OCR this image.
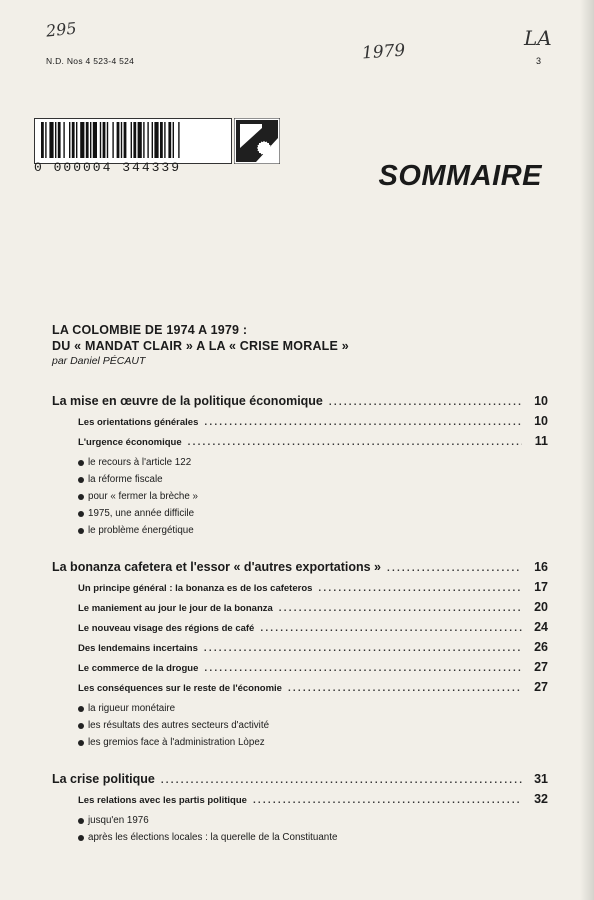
295
1979
LA
N.D. Nos 4 523-4 524	3
0 000004 344339	SOMMAIRE
LA COLOMBIE DE 1974 A 1979 :
DU « MANDAT CLAIR » A LA « CRISE MORALE »
par Daniel PÉCAUT
La mise en œuvre de la politique économique .....	10
Les orientations générales .....	10
L'urgence économique .....	11
le recours à l'article 122
la réforme fiscale
pour « fermer la brèche »
1975, une année difficile
le problème énergétique
La bonanza cafetera et l'essor « d'autres exportations » .....	16
Un principe général : la bonanza es de los cafeteros .....	17
Le maniement au jour le jour de la bonanza .....	20
Le nouveau visage des régions de café .....	24
Des lendemains incertains .....	26
Le commerce de la drogue .....	27
Les conséquences sur le reste de l'économie .....	27
la rigueur monétaire
les résultats des autres secteurs d'activité
les gremios face à l'administration Lòpez
La crise politique .....	31
Les relations avec les partis politique .....	32
jusqu'en 1976
après les élections locales : la querelle de la Constituante
